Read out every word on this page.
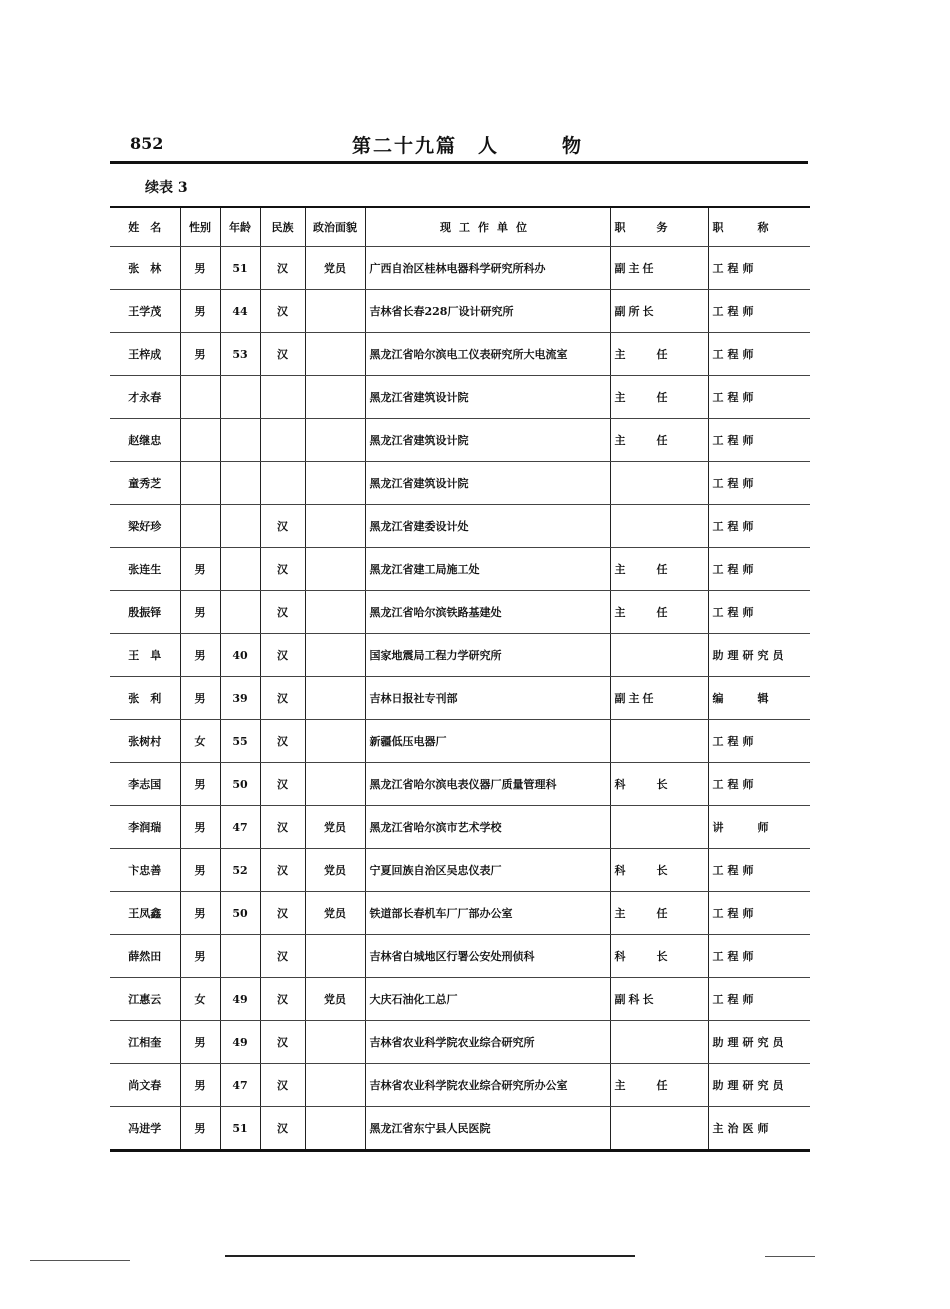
852	第二十九篇　人　　　物
续表 3
姓　名	性别	年龄	民族	政治面貌	现工作单位	职　　务	职　　称
张　林	男	51	汉	党员	广西自治区桂林电器科学研究所科办	副主任	工程师
王学茂	男	44	汉		吉林省长春228厂设计研究所	副所长	工程师
王梓成	男	53	汉		黑龙江省哈尔滨电工仪表研究所大电流室	主　　任	工程师
才永春					黑龙江省建筑设计院	主　　任	工程师
赵继忠					黑龙江省建筑设计院	主　　任	工程师
童秀芝					黑龙江省建筑设计院		工程师
梁好珍			汉		黑龙江省建委设计处		工程师
张连生	男		汉		黑龙江省建工局施工处	主　　任	工程师
殷振铎	男		汉		黑龙江省哈尔滨铁路基建处	主　　任	工程师
王　阜	男	40	汉		国家地震局工程力学研究所		助理研究员
张　利	男	39	汉		吉林日报社专刊部	副主任	编　　辑
张树村	女	55	汉		新疆低压电器厂		工程师
李志国	男	50	汉		黑龙江省哈尔滨电表仪器厂质量管理科	科　　长	工程师
李润瑞	男	47	汉	党员	黑龙江省哈尔滨市艺术学校		讲　　师
卞忠善	男	52	汉	党员	宁夏回族自治区吴忠仪表厂	科　　长	工程师
王凤鑫	男	50	汉	党员	铁道部长春机车厂厂部办公室	主　　任	工程师
薛然田	男		汉		吉林省白城地区行署公安处刑侦科	科　　长	工程师
江惠云	女	49	汉	党员	大庆石油化工总厂	副科长	工程师
江相奎	男	49	汉		吉林省农业科学院农业综合研究所		助理研究员
尚文春	男	47	汉		吉林省农业科学院农业综合研究所办公室	主　　任	助理研究员
冯进学	男	51	汉		黑龙江省东宁县人民医院		主治医师
